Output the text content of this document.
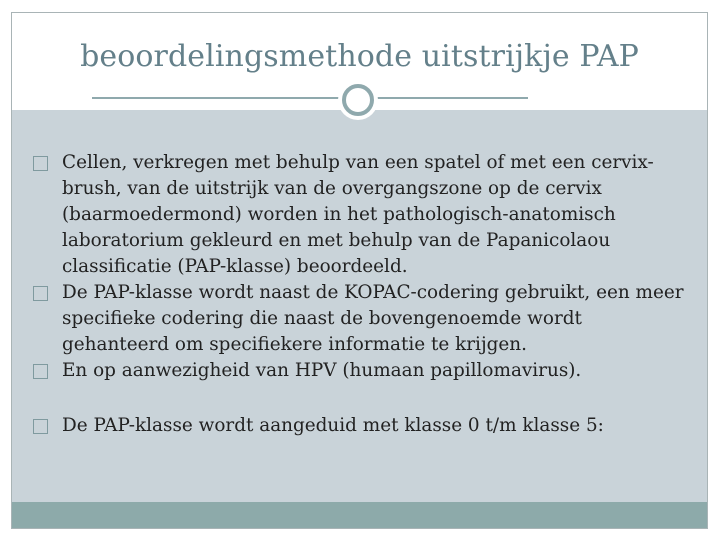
beoordelingsmethode uitstrijkje PAP
Cellen, verkregen met behulp van een spatel of met een cervix-brush, van de uitstrijk van de overgangszone op de cervix (baarmoedermond) worden in het pathologisch-anatomisch laboratorium gekleurd en met behulp van de Papanicolaou classificatie (PAP-klasse) beoordeeld.
De PAP-klasse wordt naast de KOPAC-codering gebruikt, een meer specifieke codering die naast de bovengenoemde wordt gehanteerd om specifiekere informatie te krijgen.
En op aanwezigheid van HPV (humaan papillomavirus).
De PAP-klasse wordt aangeduid met klasse 0 t/m klasse 5:
